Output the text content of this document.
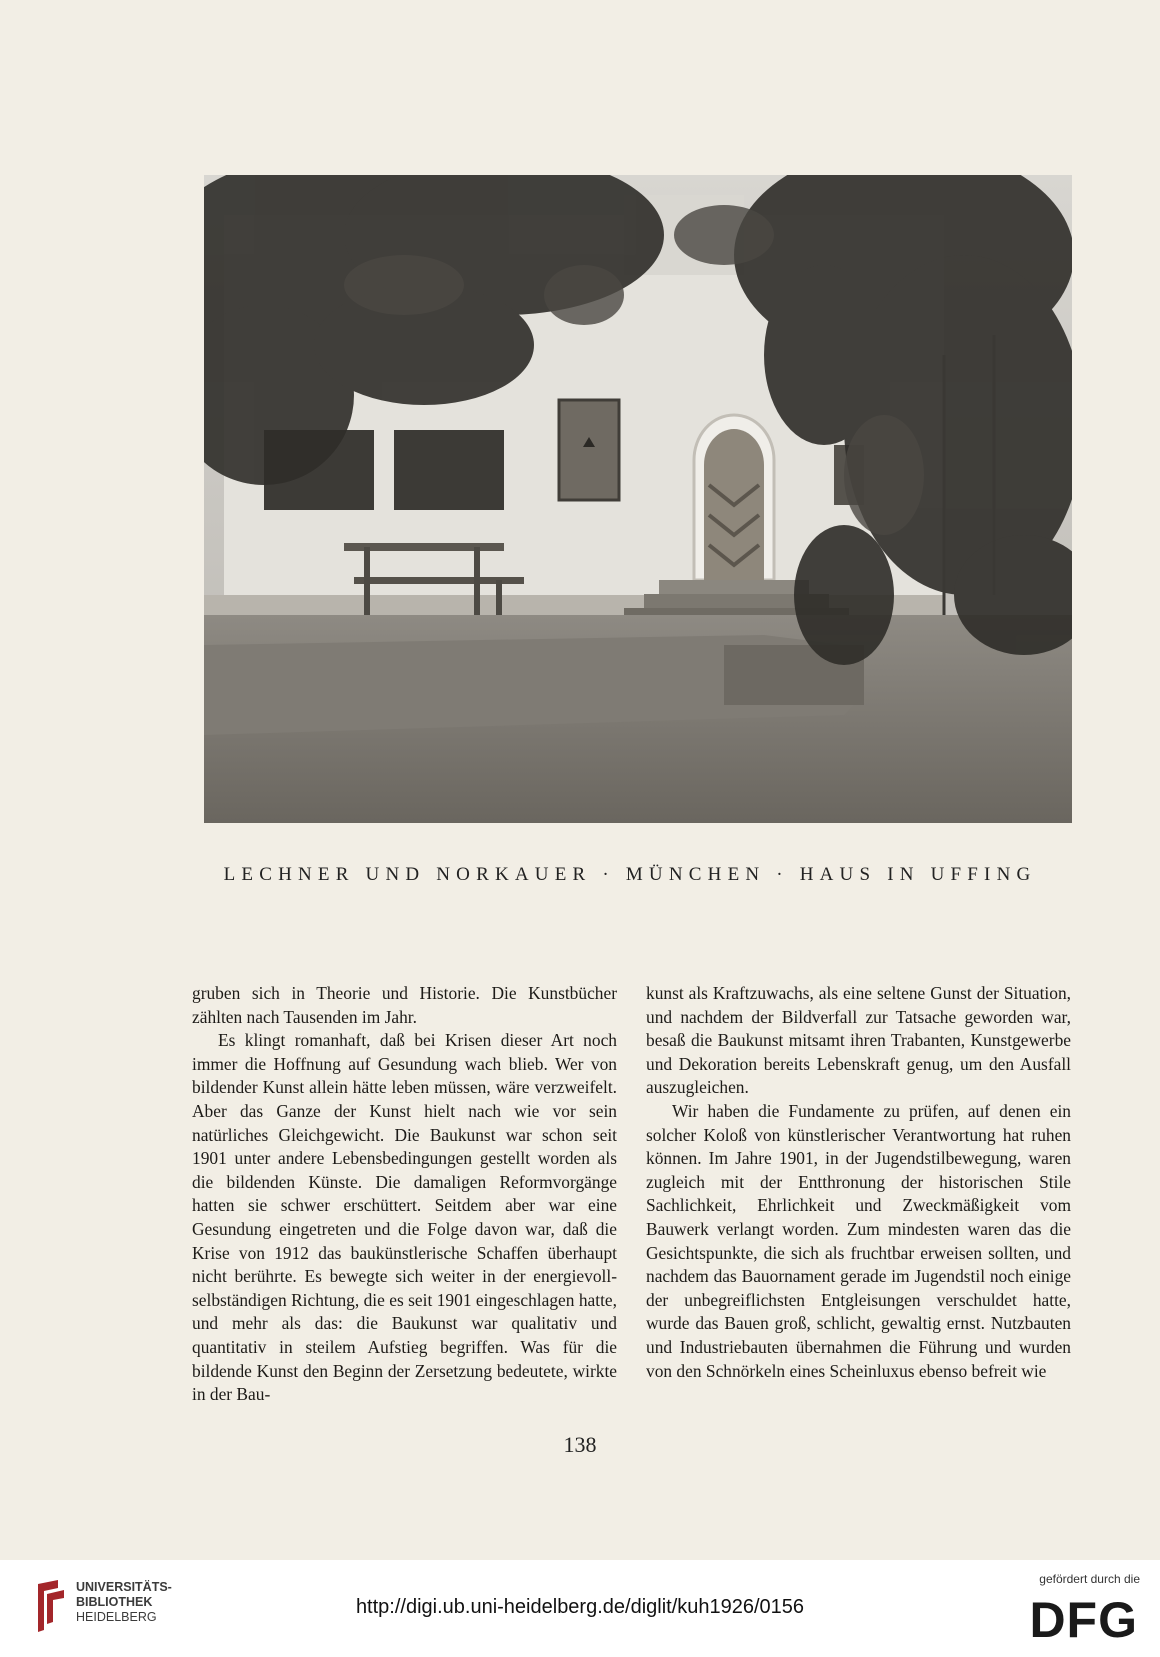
LECHNER UND NORKAUER · MÜNCHEN · HAUS IN UFFING

gruben sich in Theorie und Historie. Die Kunstbücher zählten nach Tausenden im Jahr.

Es klingt romanhaft, daß bei Krisen dieser Art noch immer die Hoffnung auf Gesundung wach blieb. Wer von bildender Kunst allein hätte leben müssen, wäre verzweifelt. Aber das Ganze der Kunst hielt nach wie vor sein natürliches Gleichgewicht. Die Baukunst war schon seit 1901 unter andere Lebensbedingungen gestellt worden als die bildenden Künste. Die damaligen Reformvorgänge hatten sie schwer erschüttert. Seitdem aber war eine Gesundung eingetreten und die Folge davon war, daß die Krise von 1912 das baukünstlerische Schaffen überhaupt nicht berührte. Es bewegte sich weiter in der energievoll-selbständigen Richtung, die es seit 1901 eingeschlagen hatte, und mehr als das: die Baukunst war qualitativ und quantitativ in steilem Aufstieg begriffen. Was für die bildende Kunst den Beginn der Zersetzung bedeutete, wirkte in der Bau-

kunst als Kraftzuwachs, als eine seltene Gunst der Situation, und nachdem der Bildverfall zur Tatsache geworden war, besaß die Baukunst mitsamt ihren Trabanten, Kunstgewerbe und Dekoration bereits Lebenskraft genug, um den Ausfall auszugleichen.

Wir haben die Fundamente zu prüfen, auf denen ein solcher Koloß von künstlerischer Verantwortung hat ruhen können. Im Jahre 1901, in der Jugendstilbewegung, waren zugleich mit der Entthronung der historischen Stile Sachlichkeit, Ehrlichkeit und Zweckmäßigkeit vom Bauwerk verlangt worden. Zum mindesten waren das die Gesichtspunkte, die sich als fruchtbar erweisen sollten, und nachdem das Bauornament gerade im Jugendstil noch einige der unbegreiflichsten Entgleisungen verschuldet hatte, wurde das Bauen groß, schlicht, gewaltig ernst. Nutzbauten und Industriebauten übernahmen die Führung und wurden von den Schnörkeln eines Scheinluxus ebenso befreit wie

138
UNIVERSITÄTS-
BIBLIOTHEK
HEIDELBERG	http://digi.ub.uni-heidelberg.de/diglit/kuh1926/0156
gefördert durch die
DFG
